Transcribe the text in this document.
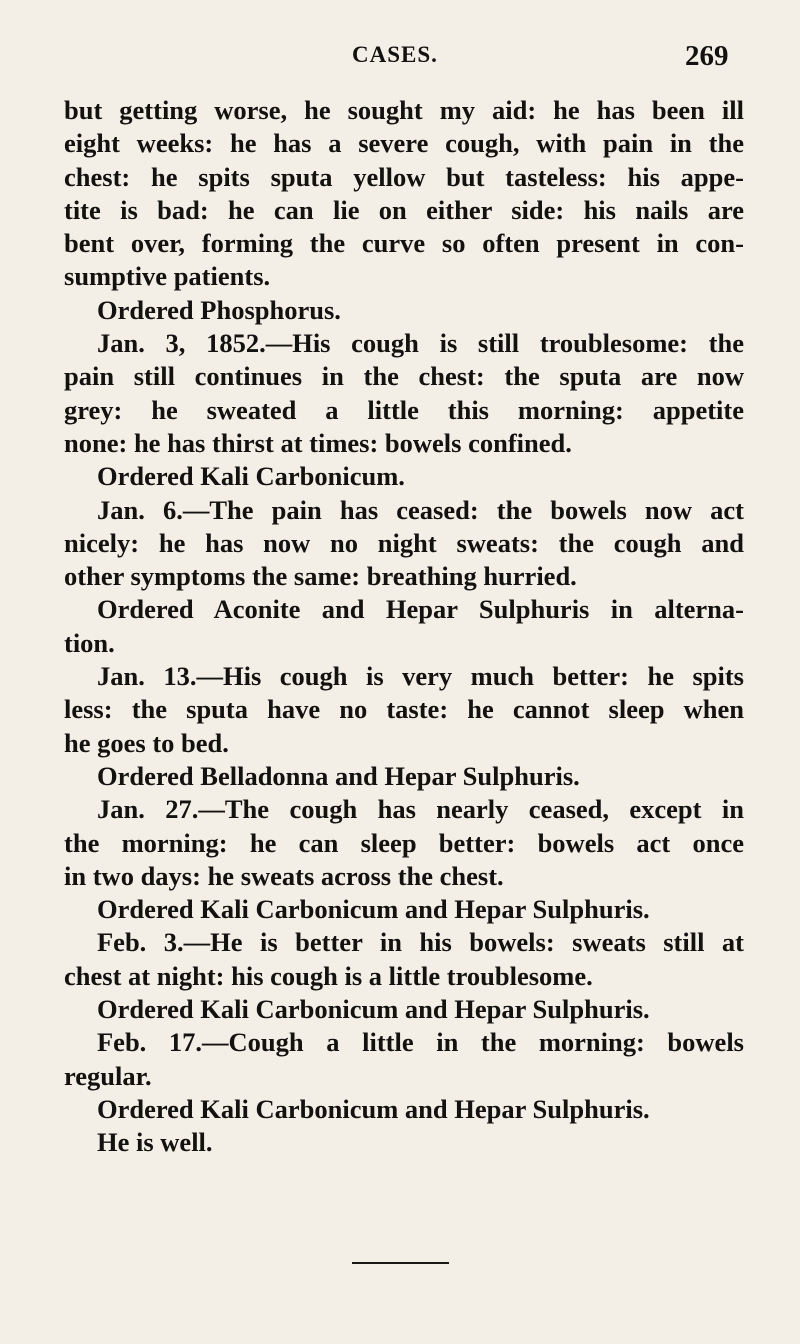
CASES.	269
but getting worse, he sought my aid: he has been ill
eight weeks: he has a severe cough, with pain in the
chest: he spits sputa yellow but tasteless: his appe-
tite is bad: he can lie on either side: his nails are
bent over, forming the curve so often present in con-
sumptive patients.
Ordered Phosphorus.
Jan. 3, 1852.—His cough is still troublesome: the
pain still continues in the chest: the sputa are now
grey: he sweated a little this morning: appetite
none: he has thirst at times: bowels confined.
Ordered Kali Carbonicum.
Jan. 6.—The pain has ceased: the bowels now act
nicely: he has now no night sweats: the cough and
other symptoms the same: breathing hurried.
Ordered Aconite and Hepar Sulphuris in alterna-
tion.
Jan. 13.—His cough is very much better: he spits
less: the sputa have no taste: he cannot sleep when
he goes to bed.
Ordered Belladonna and Hepar Sulphuris.
Jan. 27.—The cough has nearly ceased, except in
the morning: he can sleep better: bowels act once
in two days: he sweats across the chest.
Ordered Kali Carbonicum and Hepar Sulphuris.
Feb. 3.—He is better in his bowels: sweats still at
chest at night: his cough is a little troublesome.
Ordered Kali Carbonicum and Hepar Sulphuris.
Feb. 17.—Cough a little in the morning: bowels
regular.
Ordered Kali Carbonicum and Hepar Sulphuris.
He is well.
